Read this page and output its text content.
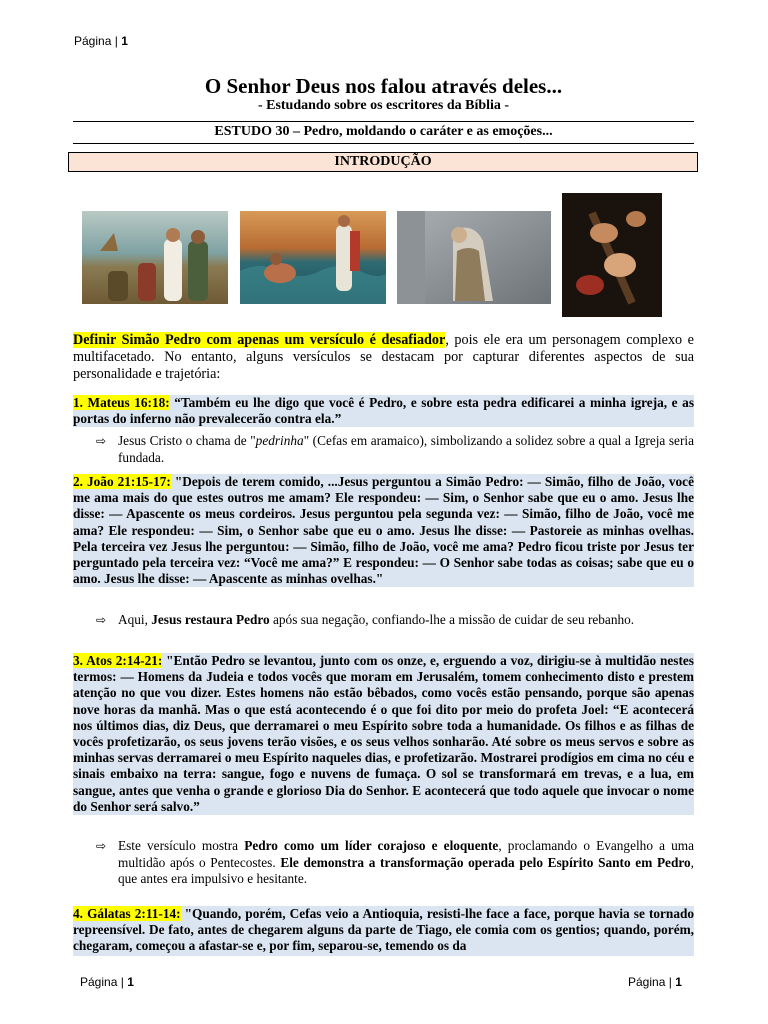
Página | 1
O Senhor Deus nos falou através deles...
- Estudando sobre os escritores da Bíblia -
ESTUDO 30 – Pedro, moldando o caráter e as emoções...
INTRODUÇÃO
Definir Simão Pedro com apenas um versículo é desafiador, pois ele era um personagem complexo e multifacetado. No entanto, alguns versículos se destacam por capturar diferentes aspectos de sua personalidade e trajetória:
1. Mateus 16:18: “Também eu lhe digo que você é Pedro, e sobre esta pedra edificarei a minha igreja, e as portas do inferno não prevalecerão contra ela.”
⇨ Jesus Cristo o chama de "pedrinha" (Cefas em aramaico), simbolizando a solidez sobre a qual a Igreja seria fundada.
2. João 21:15-17: "Depois de terem comido, ...Jesus perguntou a Simão Pedro: — Simão, filho de João, você me ama mais do que estes outros me amam? Ele respondeu: — Sim, o Senhor sabe que eu o amo. Jesus lhe disse: — Apascente os meus cordeiros. Jesus perguntou pela segunda vez: — Simão, filho de João, você me ama? Ele respondeu: — Sim, o Senhor sabe que eu o amo. Jesus lhe disse: — Pastoreie as minhas ovelhas. Pela terceira vez Jesus lhe perguntou: — Simão, filho de João, você me ama? Pedro ficou triste por Jesus ter perguntado pela terceira vez: “Você me ama?” E respondeu: — O Senhor sabe todas as coisas; sabe que eu o amo. Jesus lhe disse: — Apascente as minhas ovelhas."
⇨ Aqui, Jesus restaura Pedro após sua negação, confiando-lhe a missão de cuidar de seu rebanho.
3. Atos 2:14-21: "Então Pedro se levantou, junto com os onze, e, erguendo a voz, dirigiu-se à multidão nestes termos: — Homens da Judeia e todos vocês que moram em Jerusalém, tomem conhecimento disto e prestem atenção no que vou dizer. Estes homens não estão bêbados, como vocês estão pensando, porque são apenas nove horas da manhã. Mas o que está acontecendo é o que foi dito por meio do profeta Joel: “E acontecerá nos últimos dias, diz Deus, que derramarei o meu Espírito sobre toda a humanidade. Os filhos e as filhas de vocês profetizarão, os seus jovens terão visões, e os seus velhos sonharão. Até sobre os meus servos e sobre as minhas servas derramarei o meu Espírito naqueles dias, e profetizarão. Mostrarei prodígios em cima no céu e sinais embaixo na terra: sangue, fogo e nuvens de fumaça. O sol se transformará em trevas, e a lua, em sangue, antes que venha o grande e glorioso Dia do Senhor. E acontecerá que todo aquele que invocar o nome do Senhor será salvo.”
⇨ Este versículo mostra Pedro como um líder corajoso e eloquente, proclamando o Evangelho a uma multidão após o Pentecostes. Ele demonstra a transformação operada pelo Espírito Santo em Pedro, que antes era impulsivo e hesitante.
4. Gálatas 2:11-14: "Quando, porém, Cefas veio a Antioquia, resisti-lhe face a face, porque havia se tornado repreensível. De fato, antes de chegarem alguns da parte de Tiago, ele comia com os gentios; quando, porém, chegaram, começou a afastar-se e, por fim, separou-se, temendo os da
Página | 1	Página | 1
